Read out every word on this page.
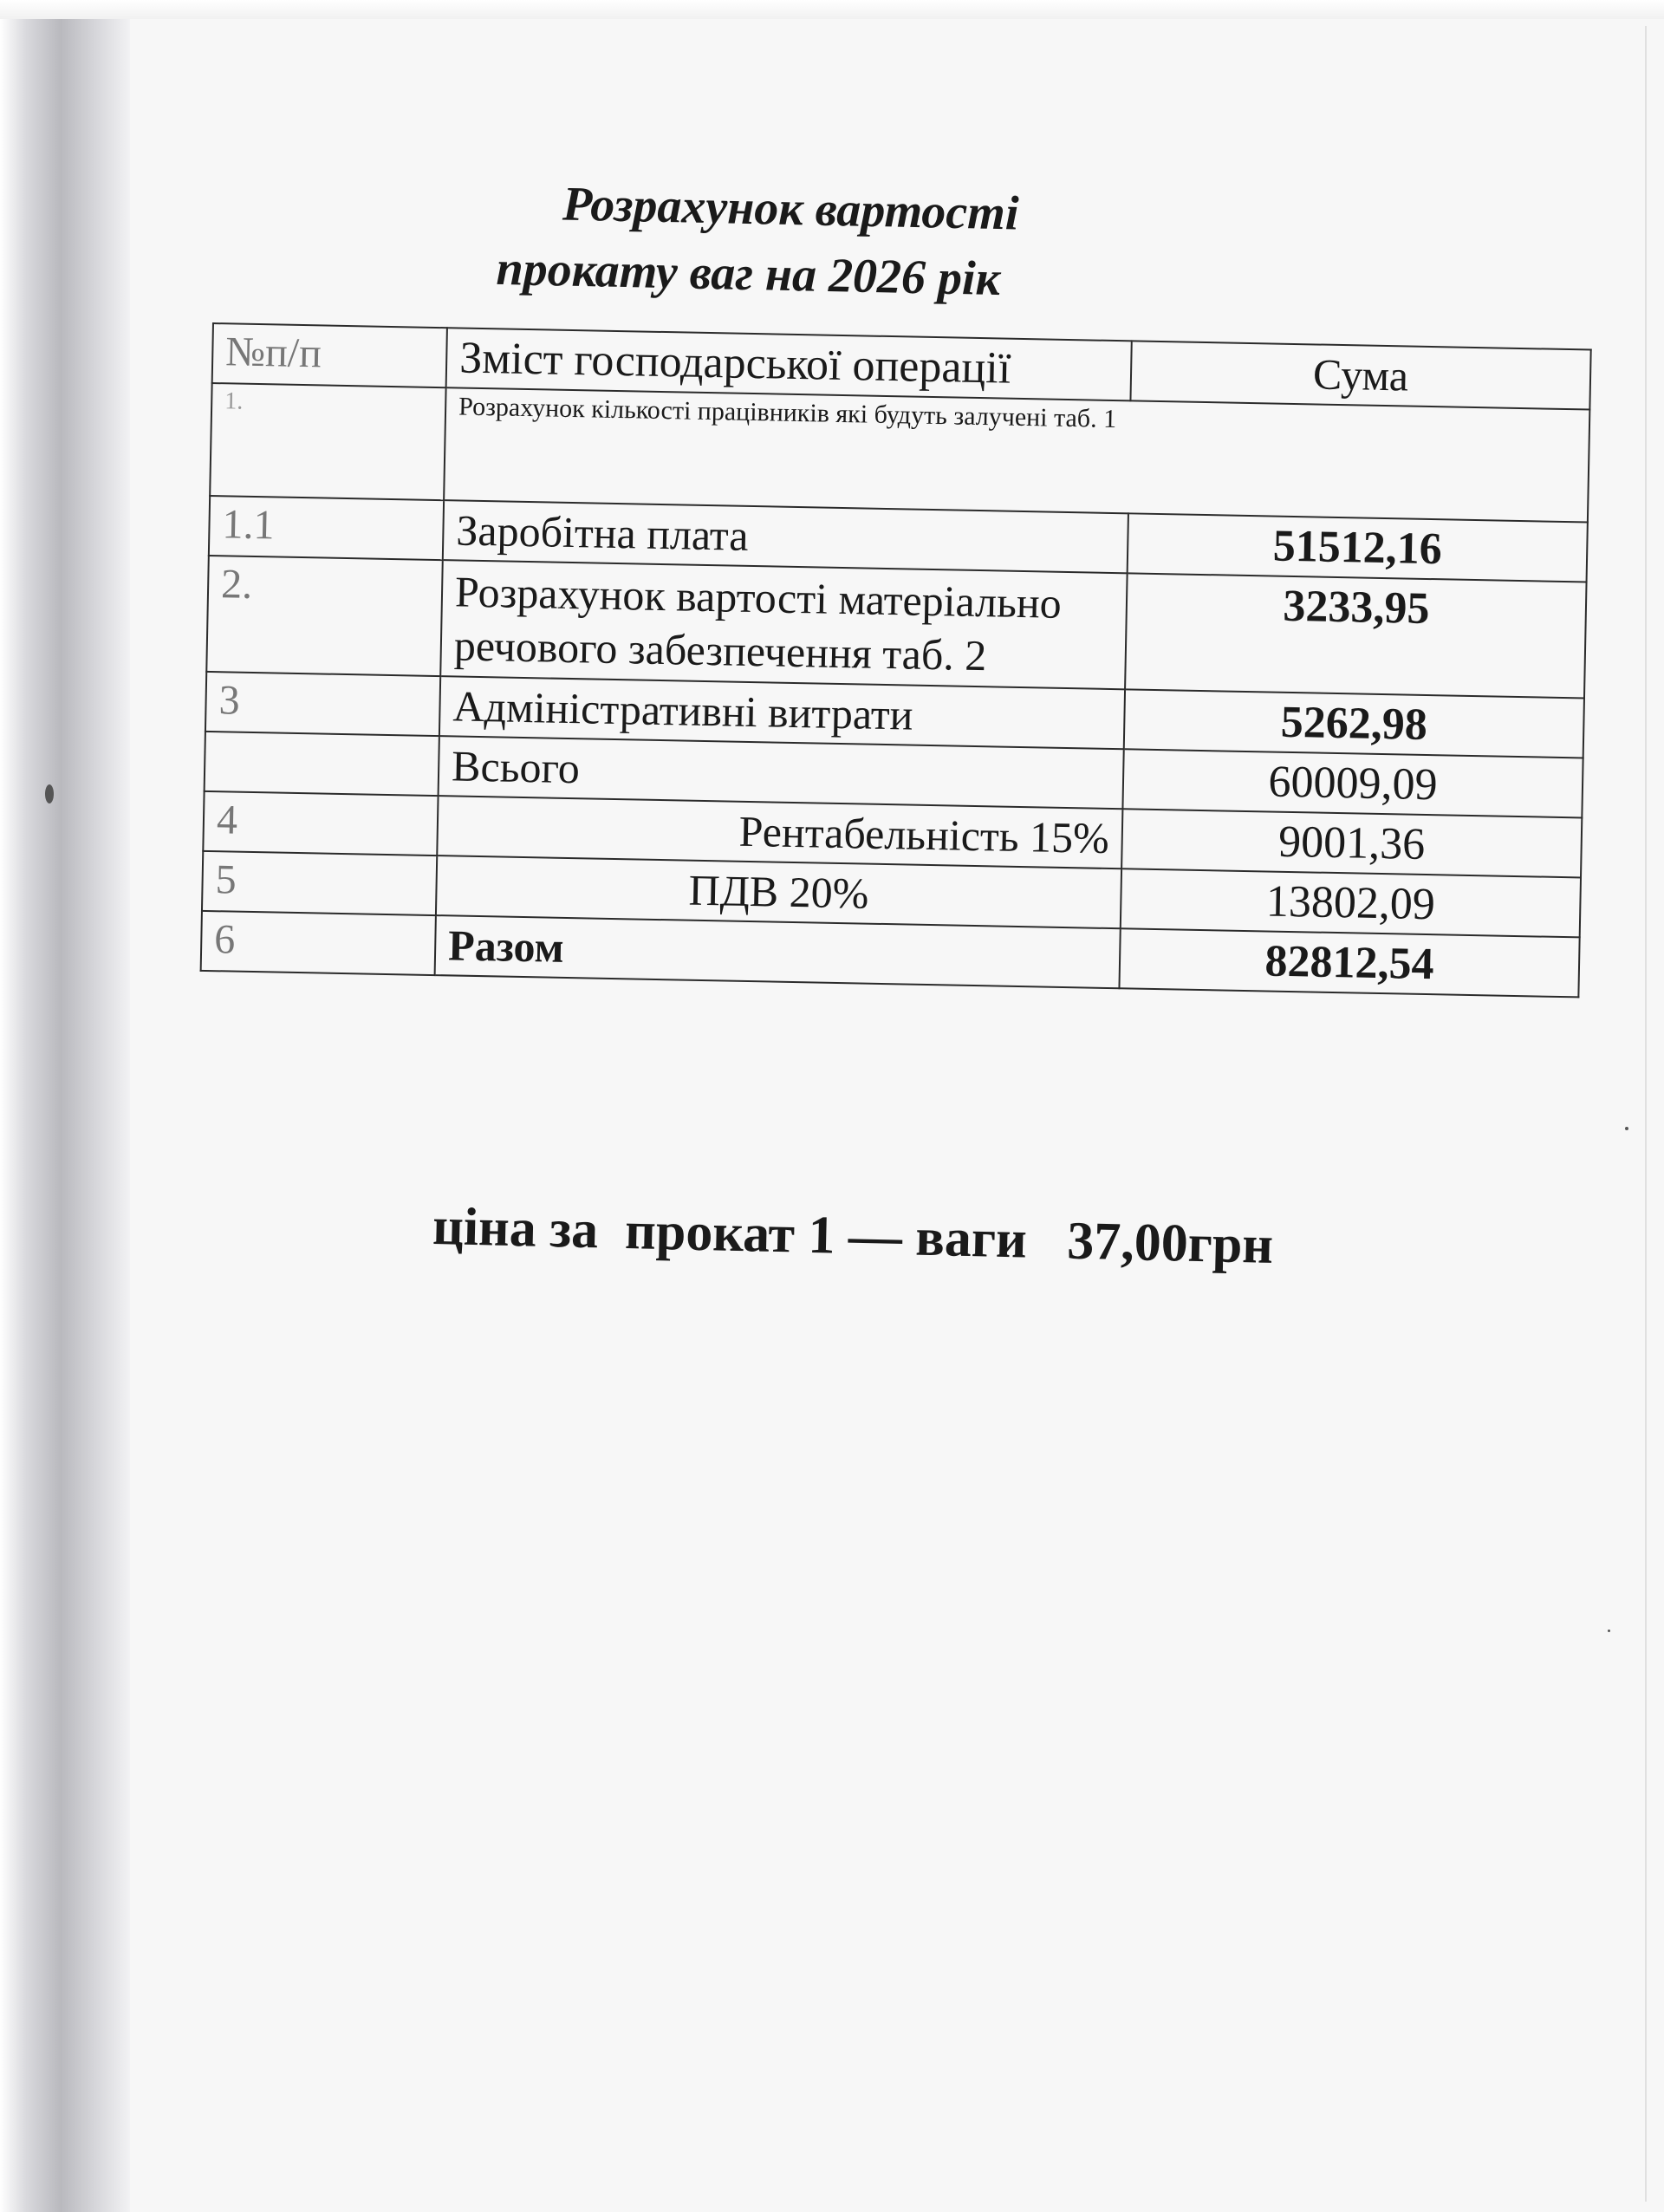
Розрахунок вартості
прокату ваг на 2026 рік
№п/п	Зміст господарської операції	Сума
1.	Розрахунок кількості працівників які будуть залучені таб. 1	
1.1	Заробітна плата	51512,16
2.	Розрахунок вартості матеріально речового забезпечення таб. 2	3233,95
3	Адміністративні витрати	5262,98
	Всього	60009,09
4	Рентабельність 15%	9001,36
5	ПДВ 20%	13802,09
6	Разом	82812,54
ціна за  прокат 1 — ваги   37,00грн
